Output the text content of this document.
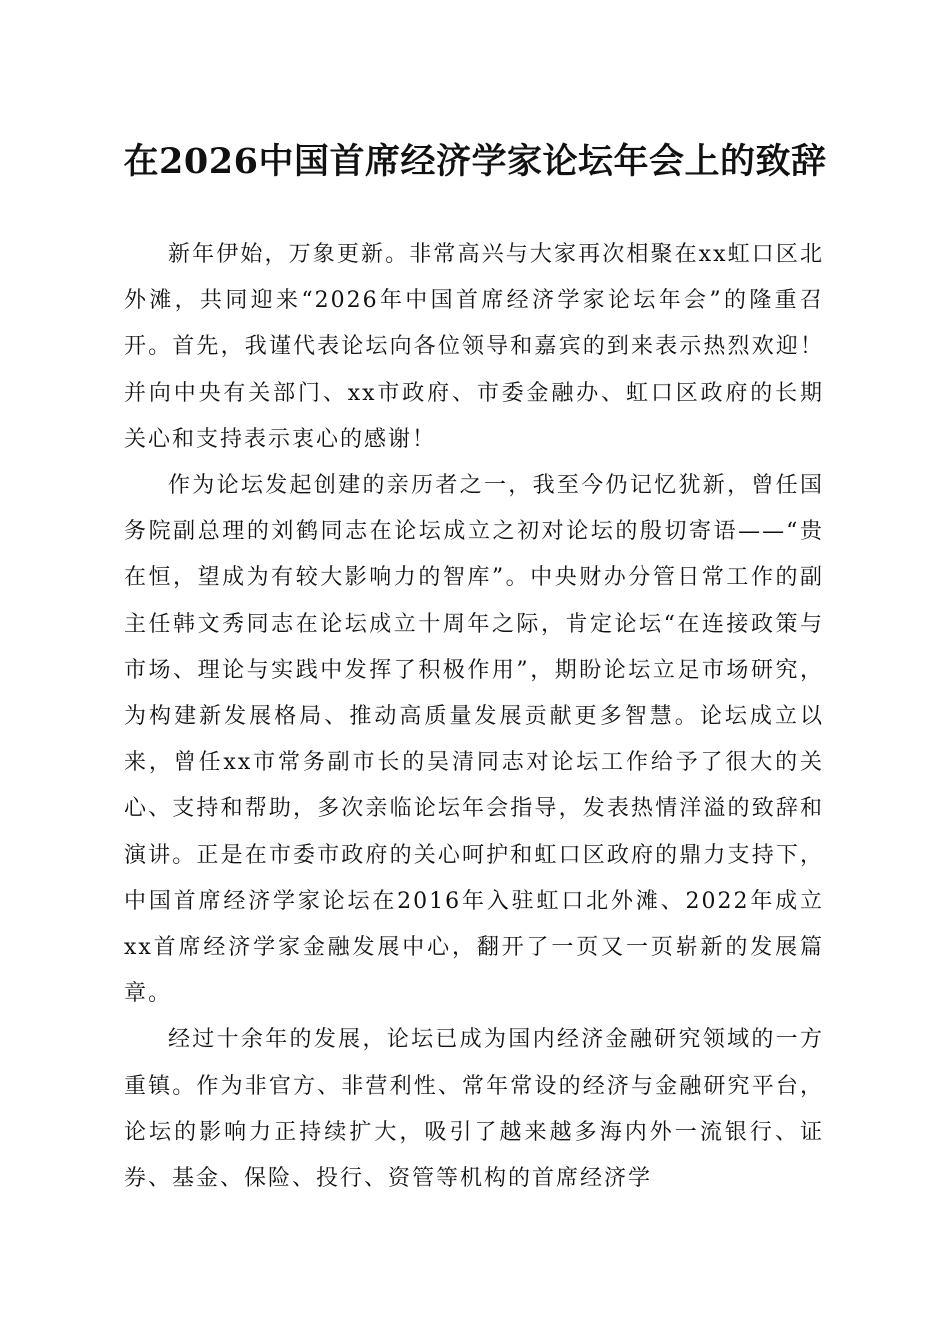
在2026中国首席经济学家论坛年会上的致辞

新年伊始，万象更新。非常高兴与大家再次相聚在xx虹口区北外滩，共同迎来“2026年中国首席经济学家论坛年会”的隆重召开。首先，我谨代表论坛向各位领导和嘉宾的到来表示热烈欢迎！并向中央有关部门、xx市政府、市委金融办、虹口区政府的长期关心和支持表示衷心的感谢！

作为论坛发起创建的亲历者之一，我至今仍记忆犹新，曾任国务院副总理的刘鹤同志在论坛成立之初对论坛的殷切寄语——“贵在恒，望成为有较大影响力的智库”。中央财办分管日常工作的副主任韩文秀同志在论坛成立十周年之际，肯定论坛“在连接政策与市场、理论与实践中发挥了积极作用”，期盼论坛立足市场研究，为构建新发展格局、推动高质量发展贡献更多智慧。论坛成立以来，曾任xx市常务副市长的吴清同志对论坛工作给予了很大的关心、支持和帮助，多次亲临论坛年会指导，发表热情洋溢的致辞和演讲。正是在市委市政府的关心呵护和虹口区政府的鼎力支持下，中国首席经济学家论坛在2016年入驻虹口北外滩、2022年成立xx首席经济学家金融发展中心，翻开了一页又一页崭新的发展篇章。

经过十余年的发展，论坛已成为国内经济金融研究领域的一方重镇。作为非官方、非营利性、常年常设的经济与金融研究平台，论坛的影响力正持续扩大，吸引了越来越多海内外一流银行、证券、基金、保险、投行、资管等机构的首席经济学
